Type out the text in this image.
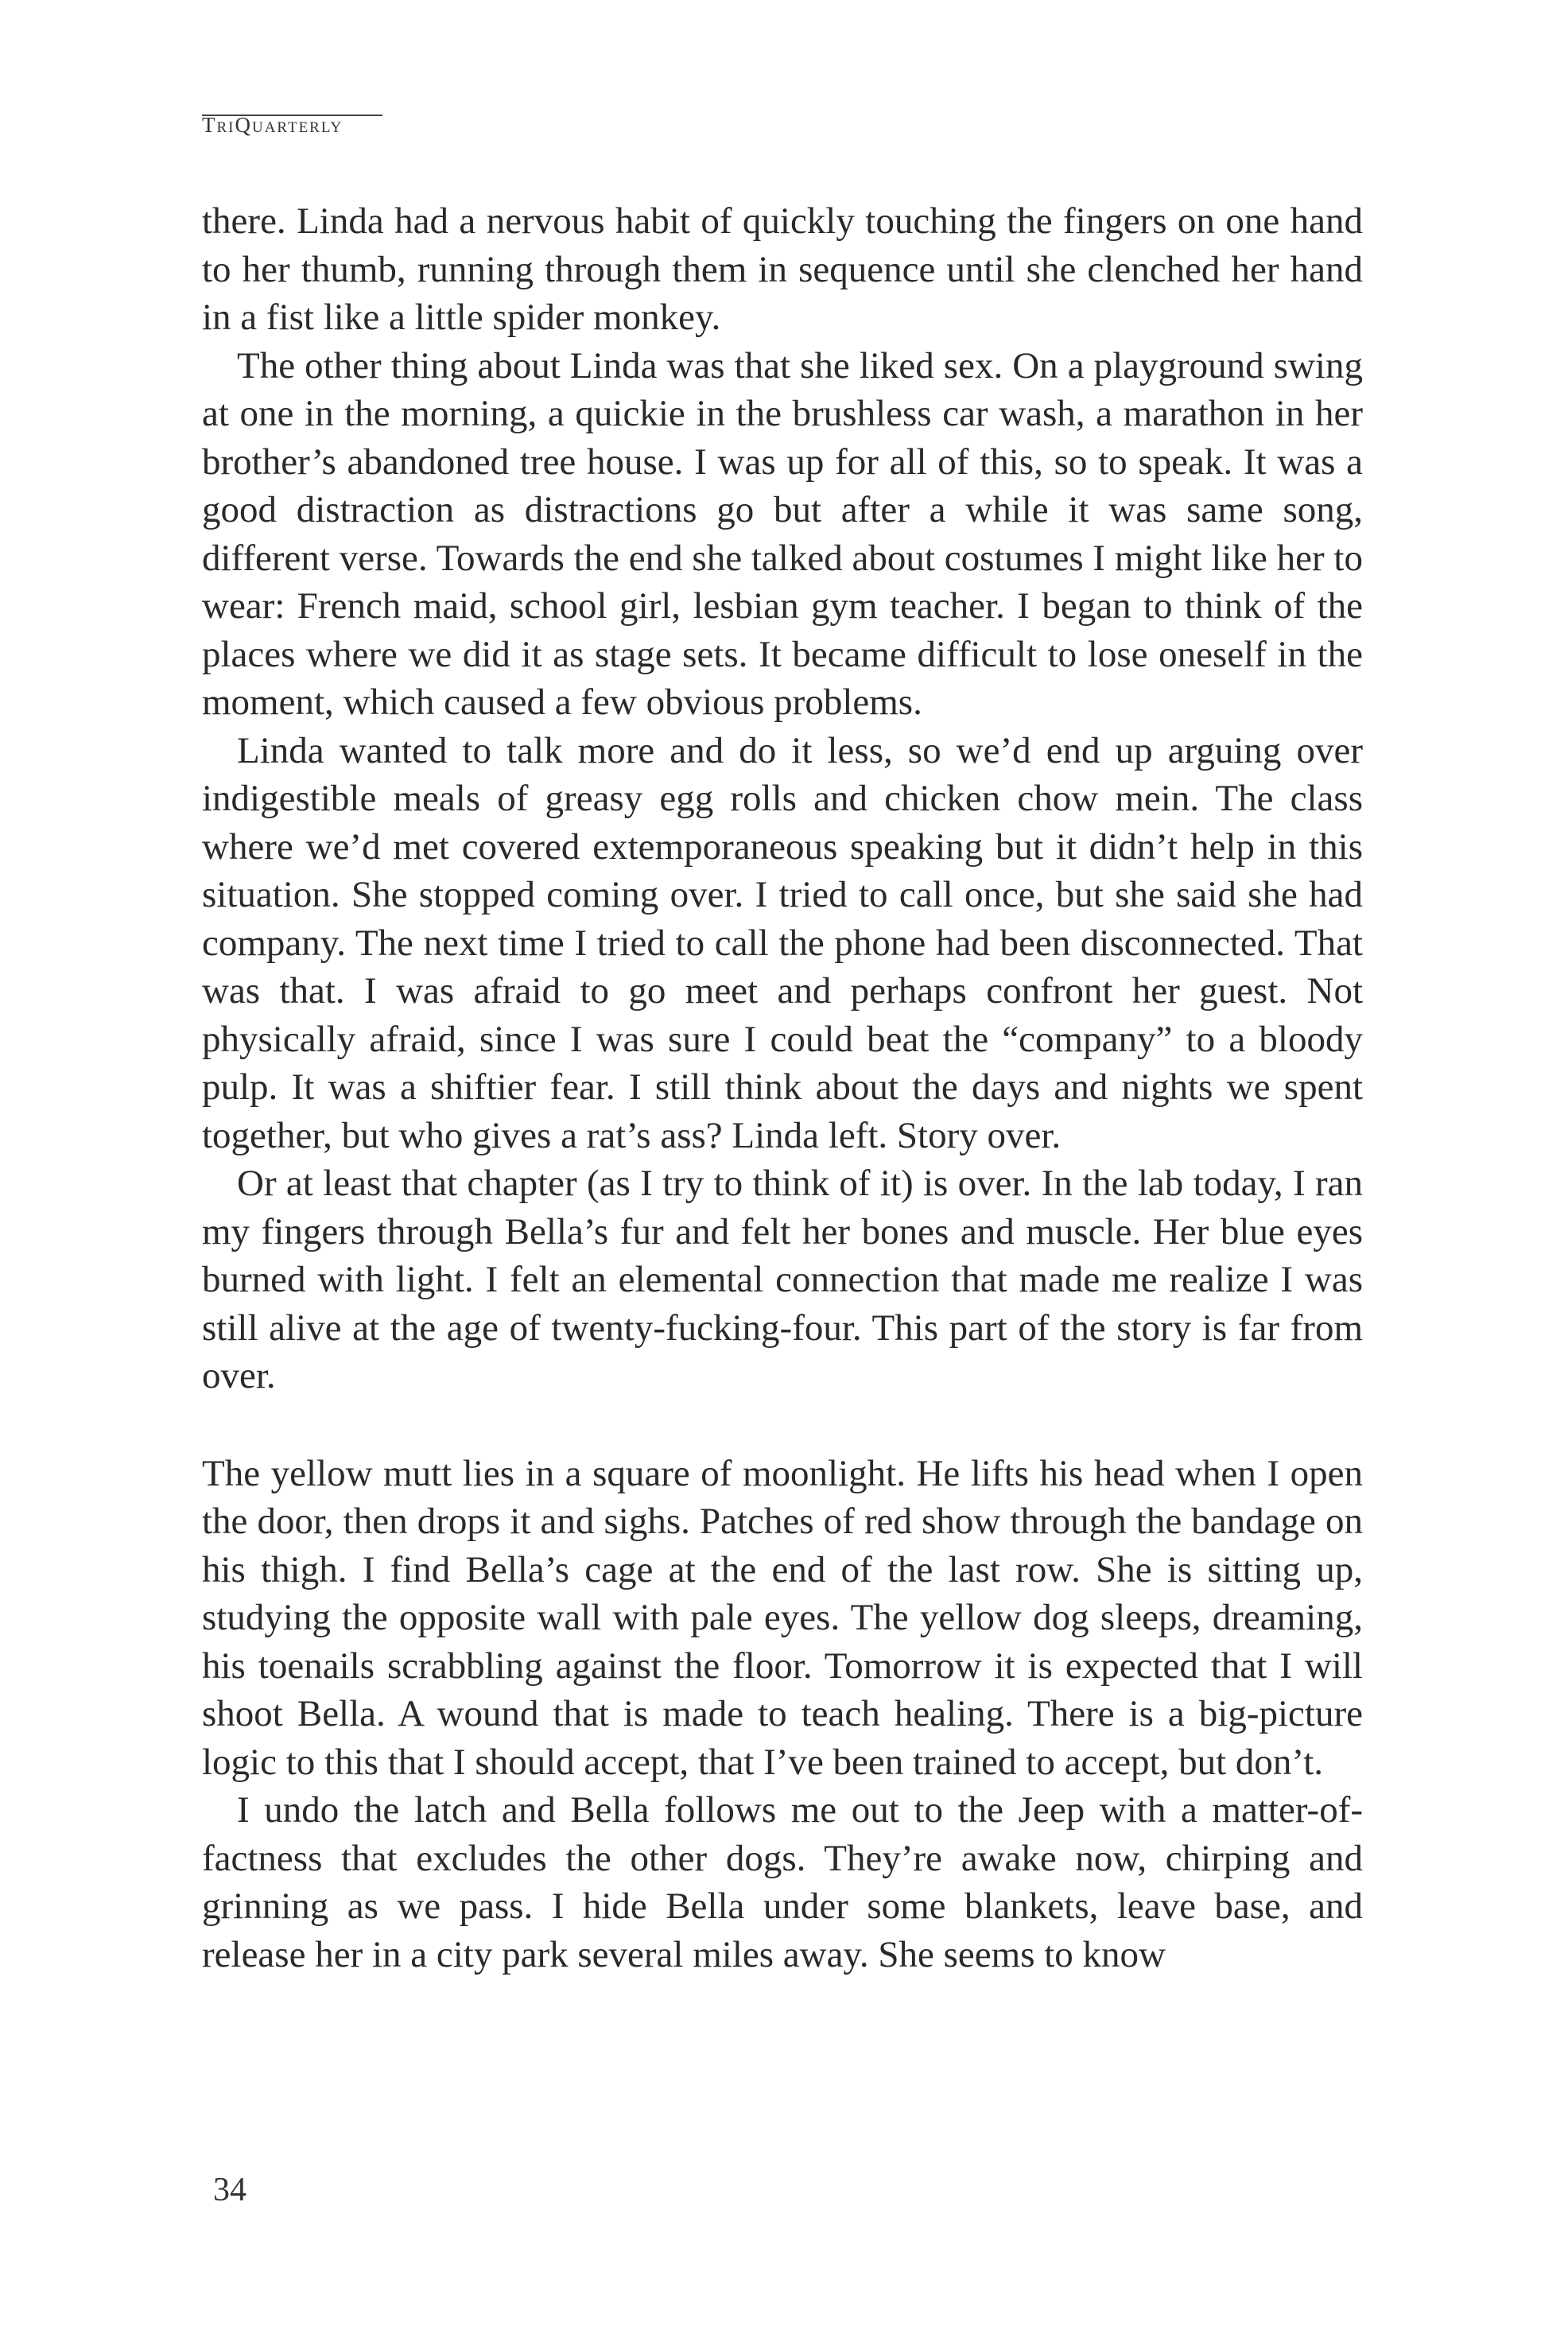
TriQuarterly

there. Linda had a nervous habit of quickly touching the fingers on one hand to her thumb, running through them in sequence until she clenched her hand in a fist like a little spider monkey.

The other thing about Linda was that she liked sex. On a playground swing at one in the morning, a quickie in the brushless car wash, a marathon in her brother’s abandoned tree house. I was up for all of this, so to speak. It was a good distraction as distractions go but after a while it was same song, different verse. Towards the end she talked about costumes I might like her to wear: French maid, school girl, lesbian gym teacher. I began to think of the places where we did it as stage sets. It became difficult to lose oneself in the moment, which caused a few obvious problems.

Linda wanted to talk more and do it less, so we’d end up arguing over indigestible meals of greasy egg rolls and chicken chow mein. The class where we’d met covered extemporaneous speaking but it didn’t help in this situation. She stopped coming over. I tried to call once, but she said she had company. The next time I tried to call the phone had been disconnected. That was that. I was afraid to go meet and perhaps confront her guest. Not physically afraid, since I was sure I could beat the “company” to a bloody pulp. It was a shiftier fear. I still think about the days and nights we spent together, but who gives a rat’s ass? Linda left. Story over.

Or at least that chapter (as I try to think of it) is over. In the lab today, I ran my fingers through Bella’s fur and felt her bones and muscle. Her blue eyes burned with light. I felt an elemental connection that made me realize I was still alive at the age of twenty-fucking-four. This part of the story is far from over.

The yellow mutt lies in a square of moonlight. He lifts his head when I open the door, then drops it and sighs. Patches of red show through the bandage on his thigh. I find Bella’s cage at the end of the last row. She is sitting up, studying the opposite wall with pale eyes. The yellow dog sleeps, dreaming, his toenails scrabbling against the floor. Tomorrow it is expected that I will shoot Bella. A wound that is made to teach healing. There is a big-picture logic to this that I should accept, that I’ve been trained to accept, but don’t.

I undo the latch and Bella follows me out to the Jeep with a matter-of-factness that excludes the other dogs. They’re awake now, chirping and grinning as we pass. I hide Bella under some blankets, leave base, and release her in a city park several miles away. She seems to know

34
